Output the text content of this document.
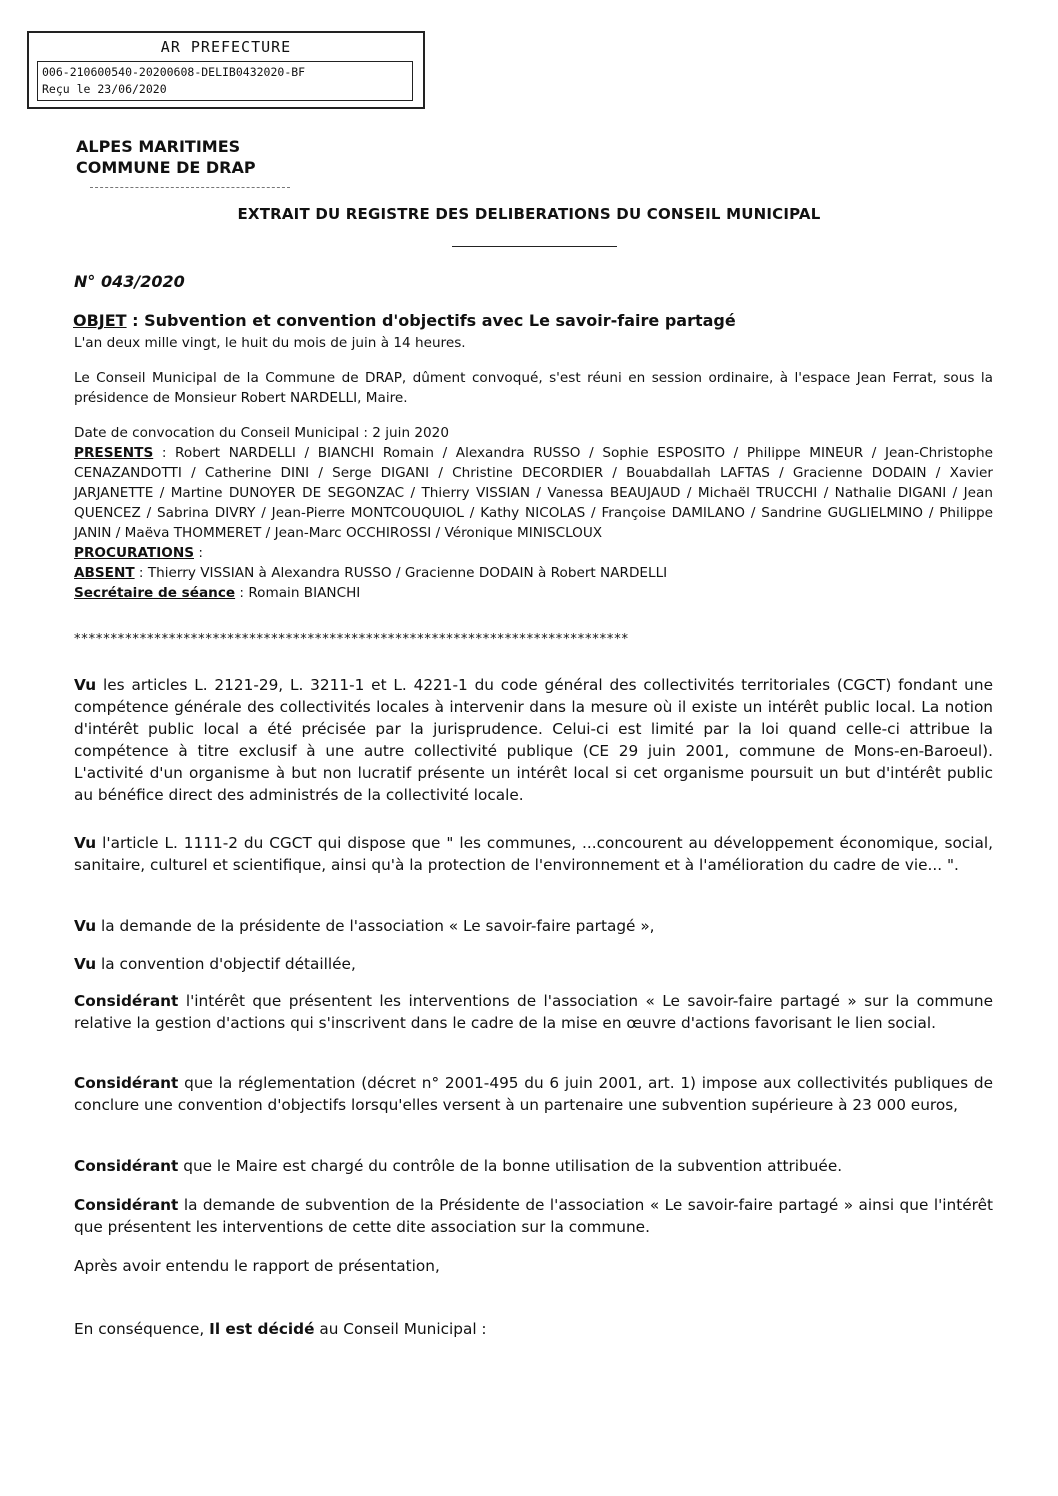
AR PREFECTURE
006-210600540-20200608-DELIB0432020-BF
Reçu le 23/06/2020
ALPES MARITIMES
COMMUNE DE DRAP
EXTRAIT DU REGISTRE DES DELIBERATIONS DU CONSEIL MUNICIPAL
N° 043/2020
OBJET : Subvention et convention d'objectifs avec Le savoir-faire partagé
L'an deux mille vingt, le huit du mois de juin à 14 heures.
Le Conseil Municipal de la Commune de DRAP, dûment convoqué, s'est réuni en session ordinaire, à l'espace Jean Ferrat, sous la présidence de Monsieur Robert NARDELLI, Maire.
Date de convocation du Conseil Municipal : 2 juin 2020
PRESENTS : Robert NARDELLI / BIANCHI Romain / Alexandra RUSSO / Sophie ESPOSITO / Philippe MINEUR / Jean-Christophe CENAZANDOTTI / Catherine DINI / Serge DIGANI / Christine DECORDIER / Bouabdallah LAFTAS / Gracienne DODAIN / Xavier JARJANETTE / Martine DUNOYER DE SEGONZAC / Thierry VISSIAN / Vanessa BEAUJAUD / Michaël TRUCCHI / Nathalie DIGANI / Jean QUENCEZ / Sabrina DIVRY / Jean-Pierre MONTCOUQUIOL / Kathy NICOLAS / Françoise DAMILANO / Sandrine GUGLIELMINO / Philippe JANIN / Maëva THOMMERET / Jean-Marc OCCHIROSSI / Véronique MINISCLOUX
PROCURATIONS :
ABSENT : Thierry VISSIAN à Alexandra RUSSO / Gracienne DODAIN à Robert NARDELLI
Secrétaire de séance : Romain BIANCHI
****************************************************************************
Vu les articles L. 2121-29, L. 3211-1 et L. 4221-1 du code général des collectivités territoriales (CGCT) fondant une compétence générale des collectivités locales à intervenir dans la mesure où il existe un intérêt public local. La notion d'intérêt public local a été précisée par la jurisprudence. Celui-ci est limité par la loi quand celle-ci attribue la compétence à titre exclusif à une autre collectivité publique (CE 29 juin 2001, commune de Mons-en-Baroeul). L'activité d'un organisme à but non lucratif présente un intérêt local si cet organisme poursuit un but d'intérêt public au bénéfice direct des administrés de la collectivité locale.
Vu l'article L. 1111-2 du CGCT qui dispose que " les communes, ...concourent au développement économique, social, sanitaire, culturel et scientifique, ainsi qu'à la protection de l'environnement et à l'amélioration du cadre de vie... ".
Vu la demande de la présidente de l'association « Le savoir-faire partagé »,
Vu la convention d'objectif détaillée,
Considérant l'intérêt que présentent les interventions de l'association « Le savoir-faire partagé » sur la commune relative la gestion d'actions qui s'inscrivent dans le cadre de la mise en œuvre d'actions favorisant le lien social.
Considérant que la réglementation (décret n° 2001-495 du 6 juin 2001, art. 1) impose aux collectivités publiques de conclure une convention d'objectifs lorsqu'elles versent à un partenaire une subvention supérieure à 23 000 euros,
Considérant que le Maire est chargé du contrôle de la bonne utilisation de la subvention attribuée.
Considérant la demande de subvention de la Présidente de l'association « Le savoir-faire partagé » ainsi que l'intérêt que présentent les interventions de cette dite association sur la commune.
Après avoir entendu le rapport de présentation,
En conséquence, Il est décidé au Conseil Municipal :
